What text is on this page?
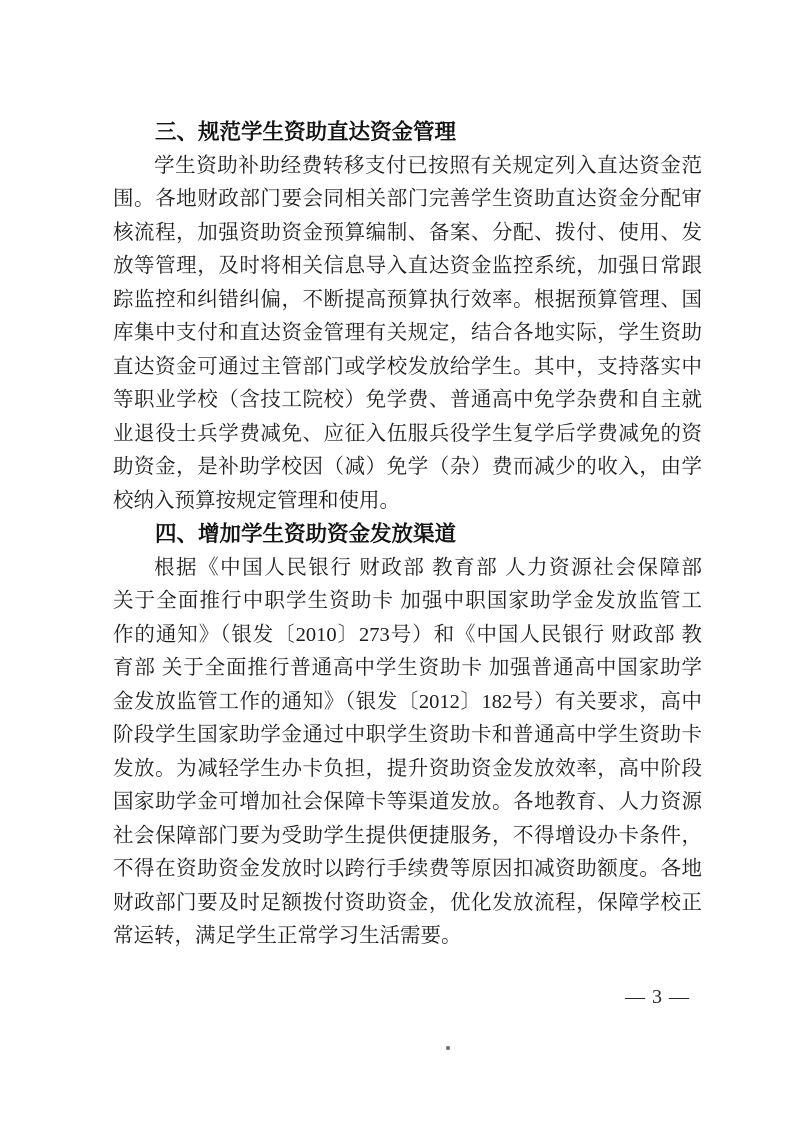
三、规范学生资助直达资金管理
学生资助补助经费转移支付已按照有关规定列入直达资金范
围。各地财政部门要会同相关部门完善学生资助直达资金分配审
核流程，加强资助资金预算编制、备案、分配、拨付、使用、发
放等管理，及时将相关信息导入直达资金监控系统，加强日常跟
踪监控和纠错纠偏，不断提高预算执行效率。根据预算管理、国
库集中支付和直达资金管理有关规定，结合各地实际，学生资助
直达资金可通过主管部门或学校发放给学生。其中，支持落实中
等职业学校（含技工院校）免学费、普通高中免学杂费和自主就
业退役士兵学费减免、应征入伍服兵役学生复学后学费减免的资
助资金，是补助学校因（减）免学（杂）费而减少的收入，由学
校纳入预算按规定管理和使用。
四、增加学生资助资金发放渠道
根据《中国人民银行 财政部 教育部 人力资源社会保障部
关于全面推行中职学生资助卡 加强中职国家助学金发放监管工
作的通知》（银发〔2010〕273号）和《中国人民银行 财政部 教
育部 关于全面推行普通高中学生资助卡 加强普通高中国家助学
金发放监管工作的通知》（银发〔2012〕182号）有关要求，高中
阶段学生国家助学金通过中职学生资助卡和普通高中学生资助卡
发放。为减轻学生办卡负担，提升资助资金发放效率，高中阶段
国家助学金可增加社会保障卡等渠道发放。各地教育、人力资源
社会保障部门要为受助学生提供便捷服务，不得增设办卡条件，
不得在资助资金发放时以跨行手续费等原因扣减资助额度。各地
财政部门要及时足额拨付资助资金，优化发放流程，保障学校正
常运转，满足学生正常学习生活需要。
— 3 —
